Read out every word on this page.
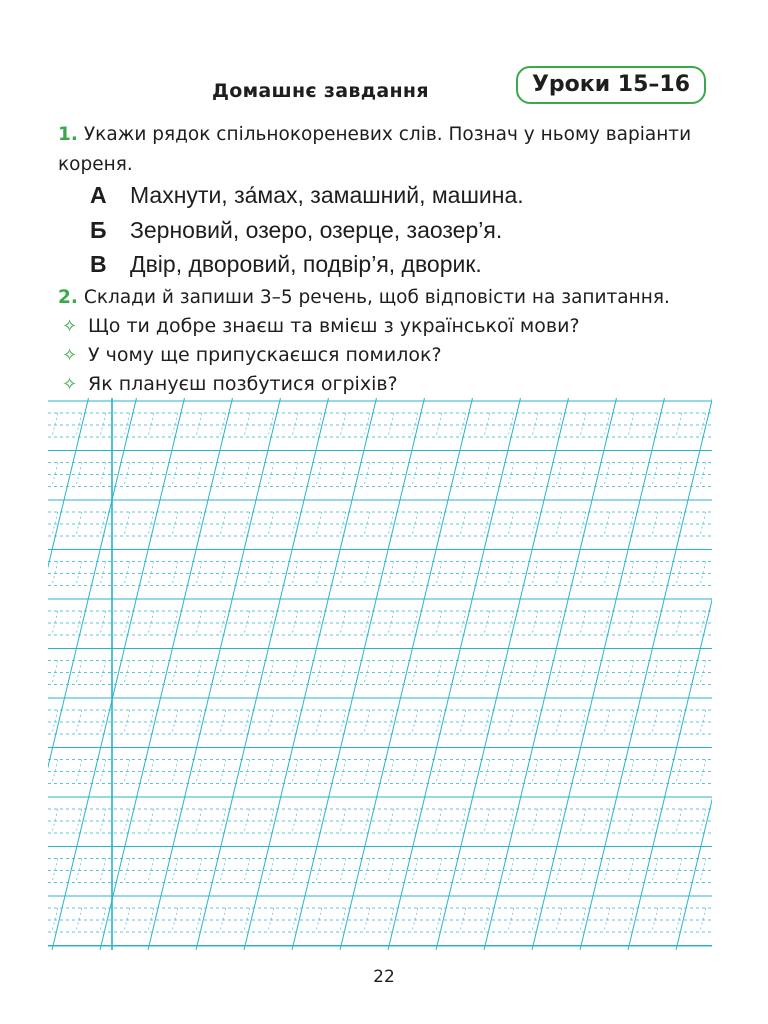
Домашнє завдання	Уроки 15–16
1. Укажи рядок спільнокореневих слів. Познач у ньому варіанти кореня.
А	Махнути, за́мах, замашний, машина.
Б	Зерновий, озеро, озерце, заозер’я.
В	Двір, дворовий, подвір’я, дворик.
2. Склади й запиши 3–5 речень, щоб відповісти на запитання.
✧ Що ти добре знаєш та вмієш з української мови?
✧ У чому ще припускаєшся помилок?
✧ Як плануєш позбутися огріхів?
22
